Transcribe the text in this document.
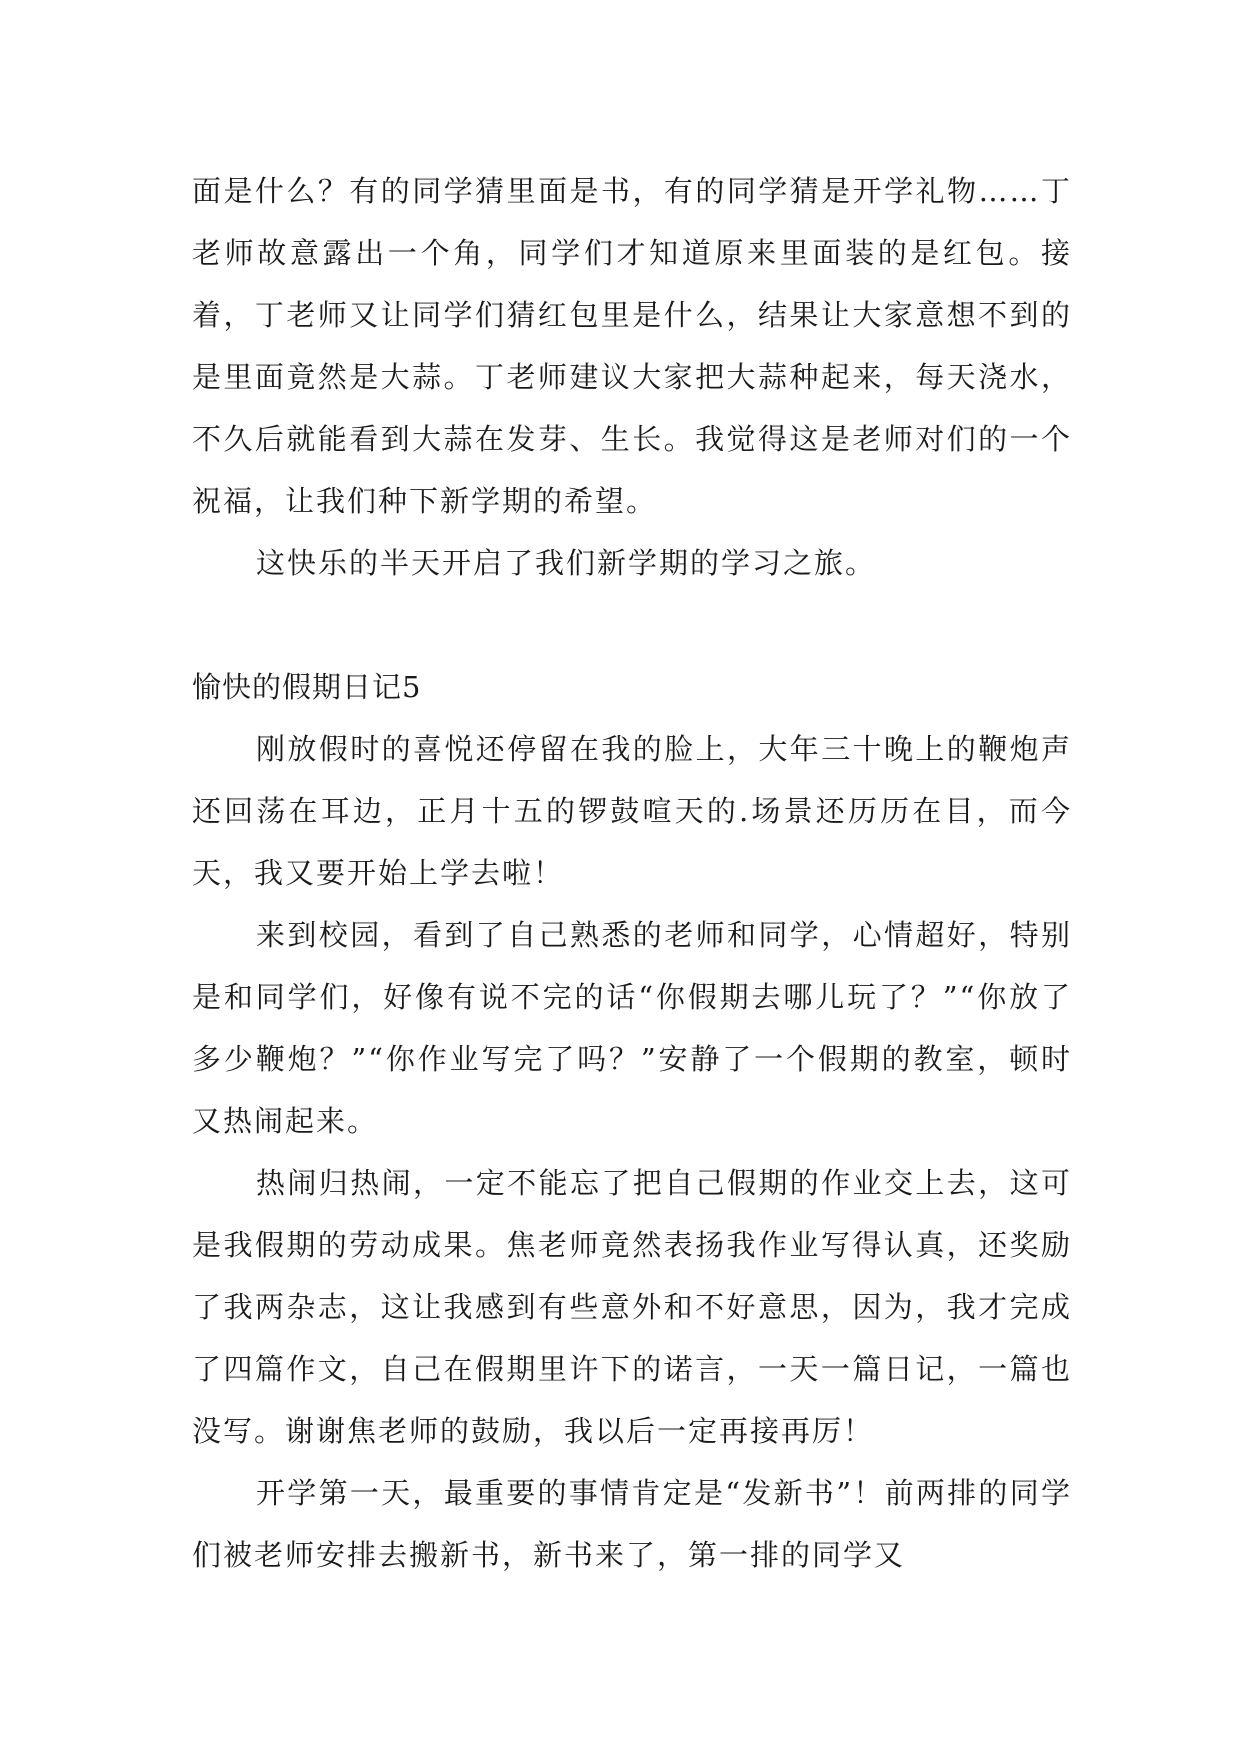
面是什么？有的同学猜里面是书，有的同学猜是开学礼物……丁老师故意露出一个角，同学们才知道原来里面装的是红包。接着，丁老师又让同学们猜红包里是什么，结果让大家意想不到的是里面竟然是大蒜。丁老师建议大家把大蒜种起来，每天浇水，不久后就能看到大蒜在发芽、生长。我觉得这是老师对们的一个祝福，让我们种下新学期的希望。

这快乐的半天开启了我们新学期的学习之旅。

愉快的假期日记5

刚放假时的喜悦还停留在我的脸上，大年三十晚上的鞭炮声还回荡在耳边，正月十五的锣鼓喧天的.场景还历历在目，而今天，我又要开始上学去啦！

来到校园，看到了自己熟悉的老师和同学，心情超好，特别是和同学们，好像有说不完的话“你假期去哪儿玩了？”“你放了多少鞭炮？”“你作业写完了吗？”安静了一个假期的教室，顿时又热闹起来。

热闹归热闹，一定不能忘了把自己假期的作业交上去，这可是我假期的劳动成果。焦老师竟然表扬我作业写得认真，还奖励了我两杂志，这让我感到有些意外和不好意思，因为，我才完成了四篇作文，自己在假期里许下的诺言，一天一篇日记，一篇也没写。谢谢焦老师的鼓励，我以后一定再接再厉！

开学第一天，最重要的事情肯定是“发新书”！前两排的同学们被老师安排去搬新书，新书来了，第一排的同学又
